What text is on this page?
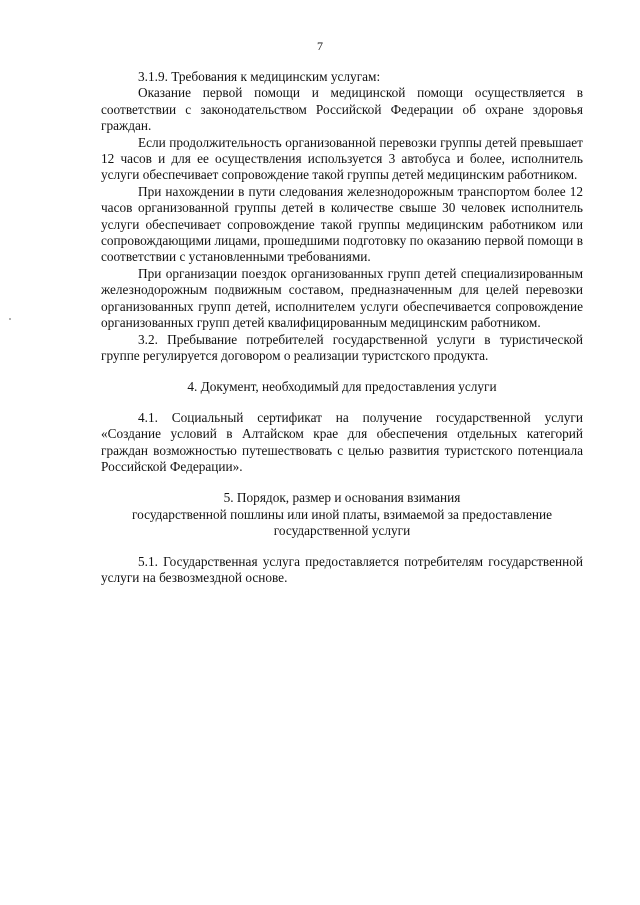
7

3.1.9. Требования к медицинским услугам:

Оказание первой помощи и медицинской помощи осуществляется в соответствии с законодательством Российской Федерации об охране здоровья граждан.

Если продолжительность организованной перевозки группы детей превышает 12 часов и для ее осуществления используется 3 автобуса и более, исполнитель услуги обеспечивает сопровождение такой группы детей медицинским работником.

При нахождении в пути следования железнодорожным транспортом более 12 часов организованной группы детей в количестве свыше 30 человек исполнитель услуги обеспечивает сопровождение такой группы медицинским работником или сопровождающими лицами, прошедшими подготовку по оказанию первой помощи в соответствии с установленными требованиями.

При организации поездок организованных групп детей специализированным железнодорожным подвижным составом, предназначенным для целей перевозки организованных групп детей, исполнителем услуги обеспечивается сопровождение организованных групп детей квалифицированным медицинским работником.

3.2. Пребывание потребителей государственной услуги в туристической группе регулируется договором о реализации туристского продукта.

4. Документ, необходимый для предоставления услуги

4.1. Социальный сертификат на получение государственной услуги «Создание условий в Алтайском крае для обеспечения отдельных категорий граждан возможностью путешествовать с целью развития туристского потенциала Российской Федерации».

5. Порядок, размер и основания взимания

государственной пошлины или иной платы, взимаемой за предоставление

государственной услуги

5.1. Государственная услуга предоставляется потребителям государственной услуги на безвозмездной основе.
